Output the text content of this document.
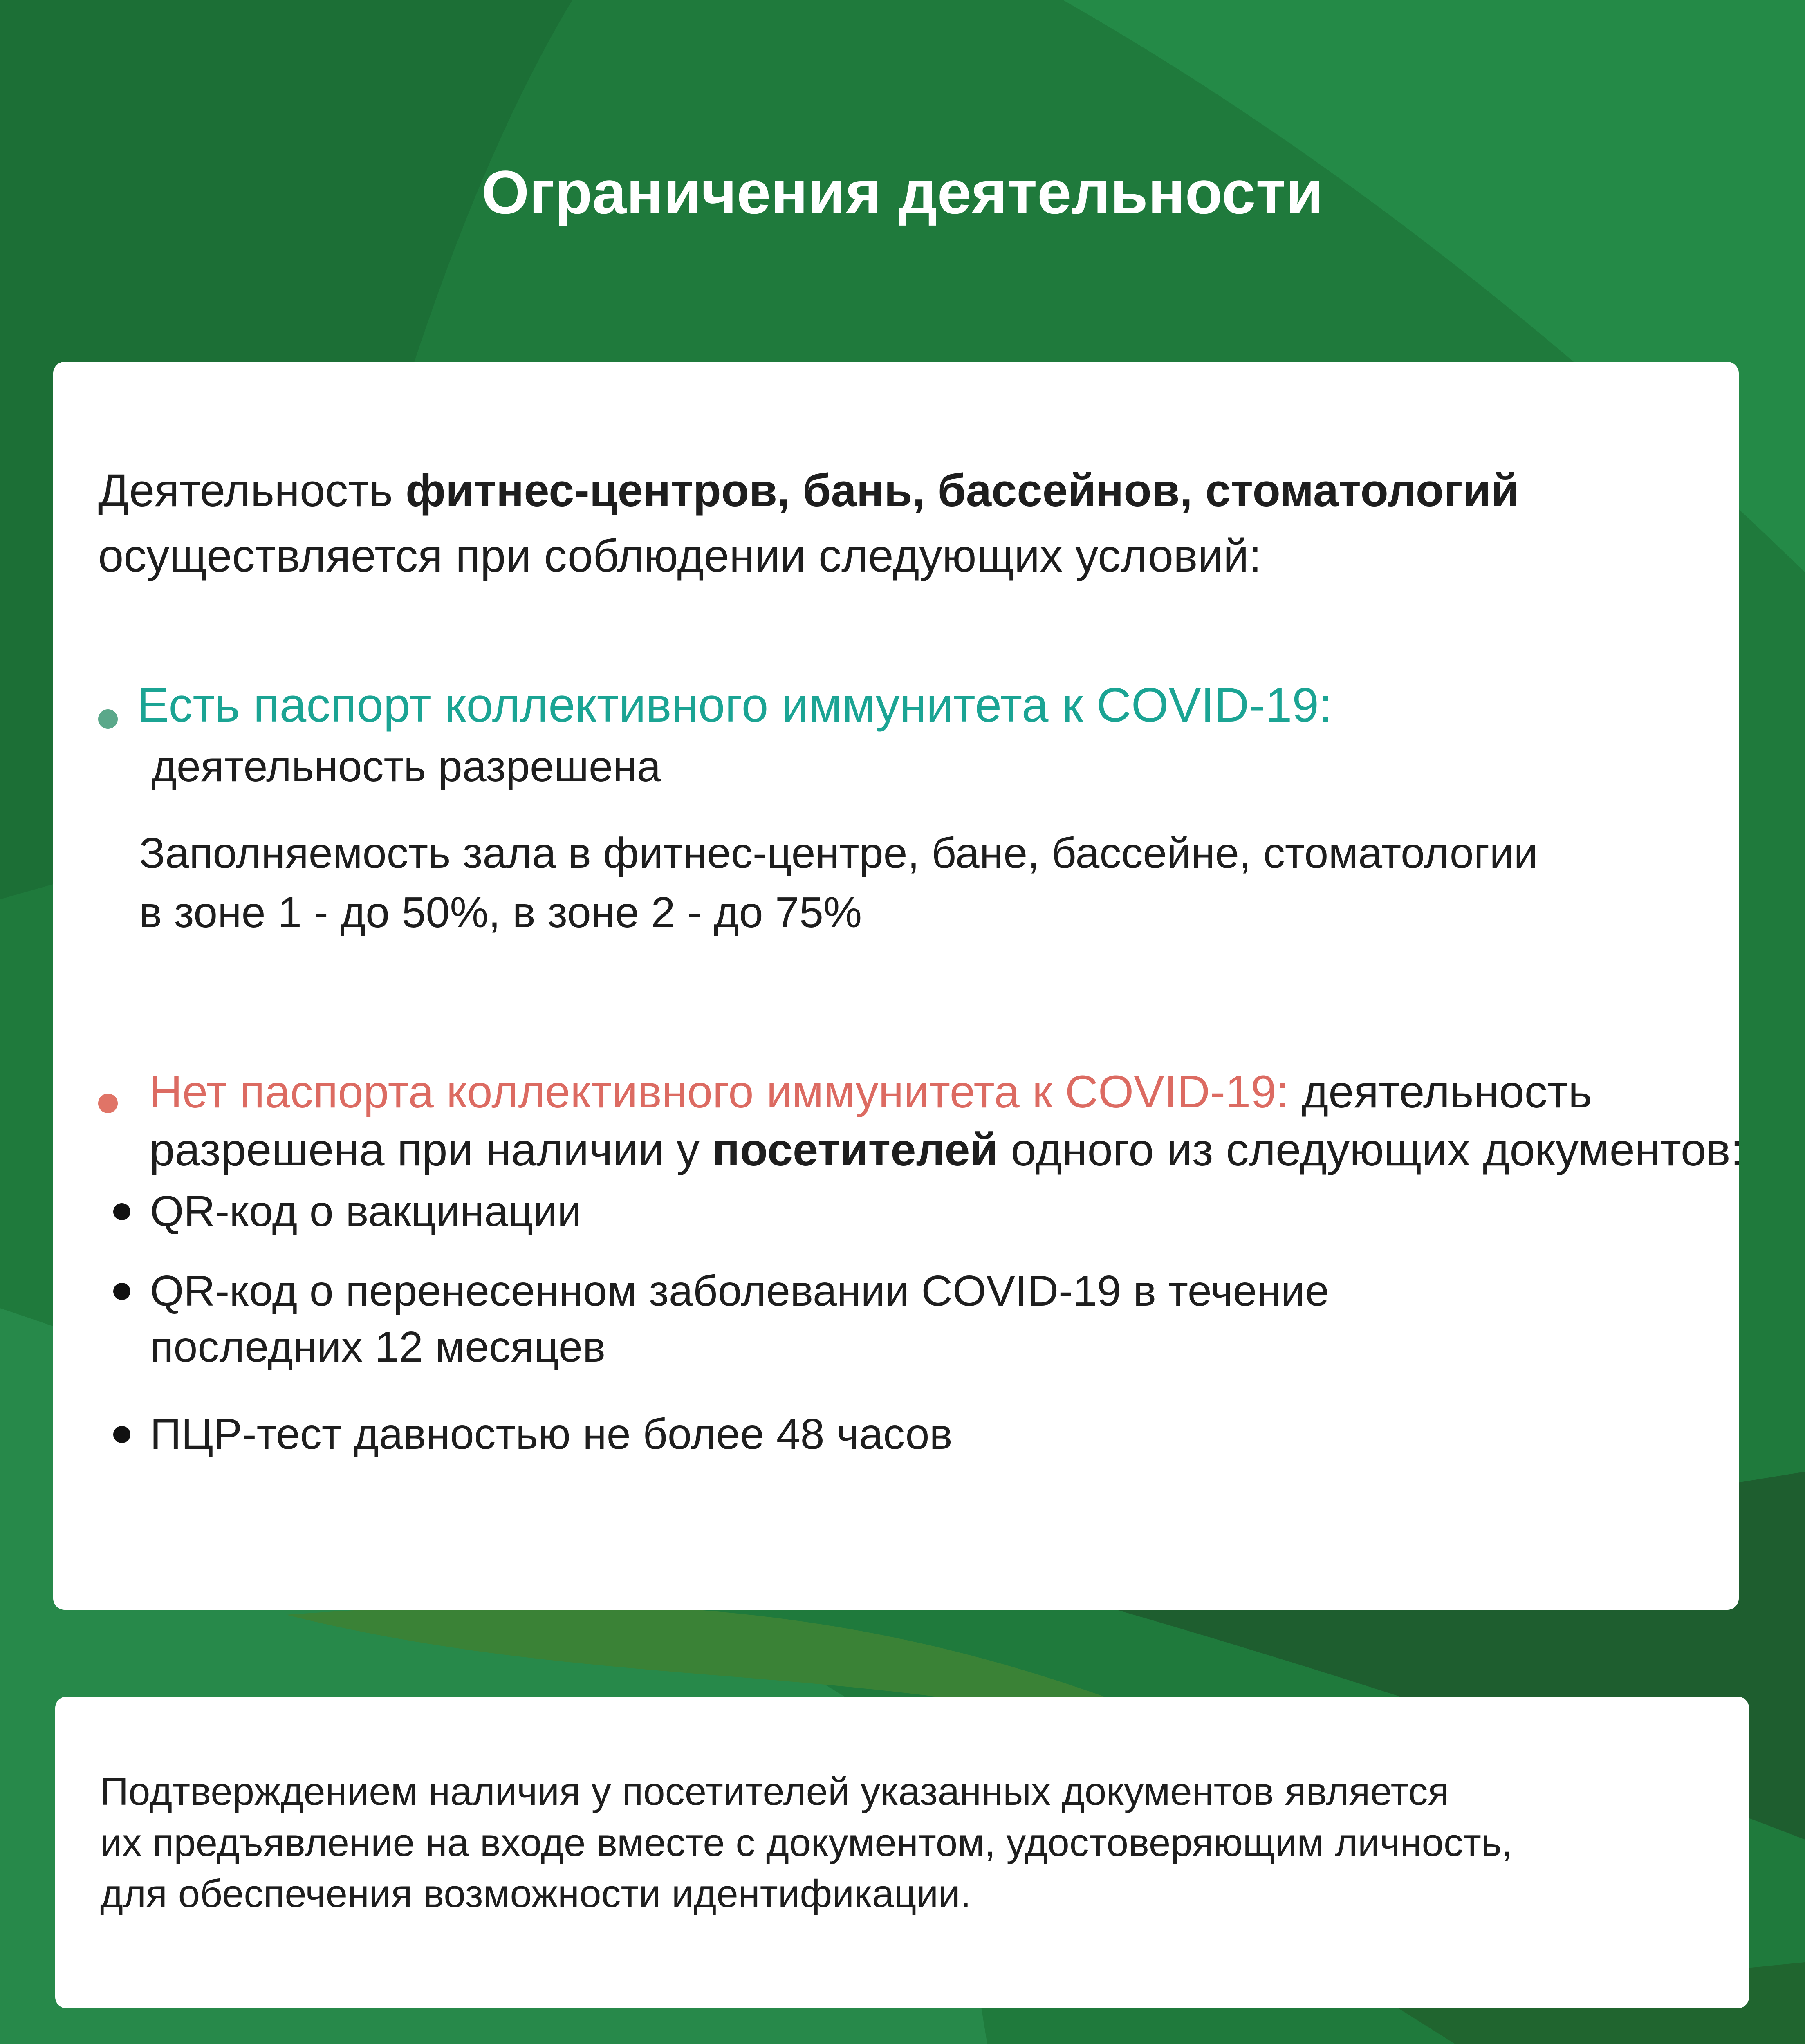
Ограничения деятельности
Деятельность фитнес-центров, бань, бассейнов, стоматологий
осуществляется при соблюдении следующих условий:
Есть паспорт коллективного иммунитета к COVID-19:
деятельность разрешена
Заполняемость зала в фитнес-центре, бане, бассейне, стоматологии
в зоне 1 - до 50%, в зоне 2 - до 75%
Нет паспорта коллективного иммунитета к COVID-19: деятельность
разрешена при наличии у посетителей одного из следующих документов:
QR-код о вакцинации
QR-код о перенесенном заболевании COVID-19 в течение
последних 12 месяцев
ПЦР-тест давностью не более 48 часов
Подтверждением наличия у посетителей указанных документов является
их предъявление на входе вместе с документом, удостоверяющим личность,
для обеспечения возможности идентификации.
